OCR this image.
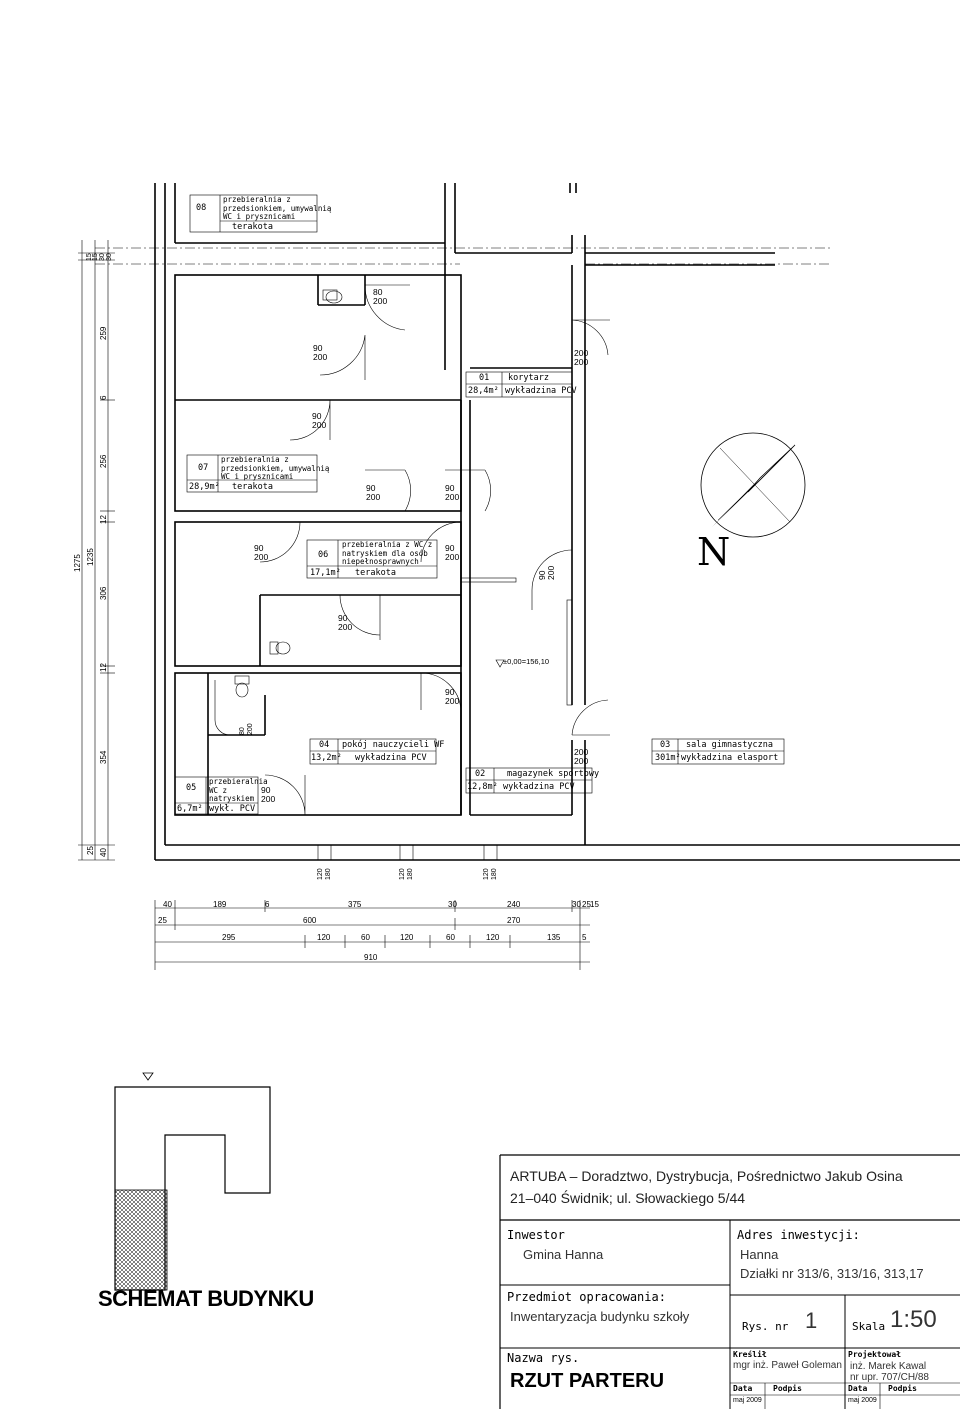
08
przebieralnia z
przedsionkiem, umywalnią
WC i prysznicami
terakota
07
przebieralnia z
przedsionkiem, umywalnią
WC i prysznicami
28,9m² terakota
06
przebieralnia z WC z
natryskiem dla osób
niepełnosprawnych
17,1m² terakota
05
przebieralnia
WC z
natryskiem
6,7m² wykł. PCV
04 pokój nauczycieli WF
13,2m² wykładzina PCV
03 sala gimnastyczna
301m² wykładzina elasport
02	magazynek sportowy
12,8m² wykładzina PCV
01 korytarz
28,4m² wykładzina PCV
80
200
90
200	200
200
90
200
90
200
90
200
90
200
90
200
90 200
90
200
90
200
80 200
200
200
90
200
±0,00=156,10
120 180	120 180	120 180
1275 1235
15 15 30 30
259
6
256
12
306
12
354
25 40
40	189	6	375	30	240	30 25 15
25	600	270
295	120	60	120	60	120	135	5
910
N
SCHEMAT BUDYNKU
ARTUBA – Doradztwo, Dystrybucja, Pośrednictwo Jakub Osina
21–040 Świdnik; ul. Słowackiego 5/44
Inwestor
Gmina Hanna
Adres inwestycji:
Hanna
Działki nr 313/6, 313/16, 313,17
Przedmiot opracowania:
Inwentaryzacja budynku szkoły
Rys. nr 1	Skala 1:50
Nazwa rys.
RZUT PARTERU
Kreślił
mgr inż. Paweł Goleman
Projektował
inż. Marek Kawal
nr upr. 707/CH/88
Data	Podpis	Data	Podpis
maj 2009	maj 2009
